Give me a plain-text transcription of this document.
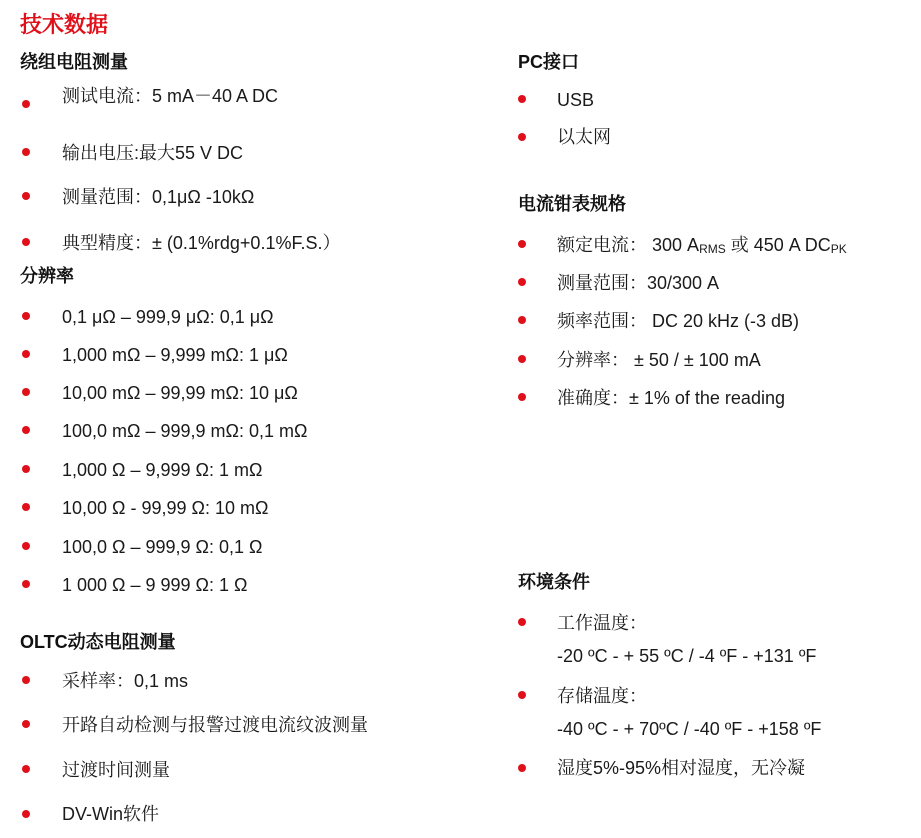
技术数据
绕组电阻测量
测试电流：5 mA－40 A DC
输出电压:最大55 V DC
测量范围：0,1μΩ -10kΩ
典型精度：± (0.1%rdg+0.1%F.S.）
分辨率
0,1 μΩ – 999,9 μΩ: 0,1 μΩ
1,000 mΩ – 9,999 mΩ: 1 μΩ
10,00 mΩ – 99,99 mΩ: 10 μΩ
100,0 mΩ – 999,9 mΩ: 0,1 mΩ
1,000 Ω – 9,999 Ω: 1 mΩ
10,00 Ω - 99,99 Ω: 10 mΩ
100,0 Ω – 999,9 Ω: 0,1 Ω
1 000 Ω – 9 999 Ω: 1 Ω
OLTC动态电阻测量
采样率：0,1 ms
开路自动检测与报警过渡电流纹波测量
过渡时间测量
DV-Win软件
PC接口
USB
以太网
电流钳表规格
额定电流： 300 ARMS 或 450 A DCPK
测量范围：30/300 A
频率范围： DC 20 kHz (-3 dB)
分辨率： ± 50 / ± 100 mA
准确度：± 1% of the reading
环境条件
工作温度：
-20 ºC - + 55 ºC / -4 ºF - +131 ºF
存储温度：
-40 ºC - + 70ºC / -40 ºF - +158 ºF
湿度5%-95%相对湿度，无冷凝
